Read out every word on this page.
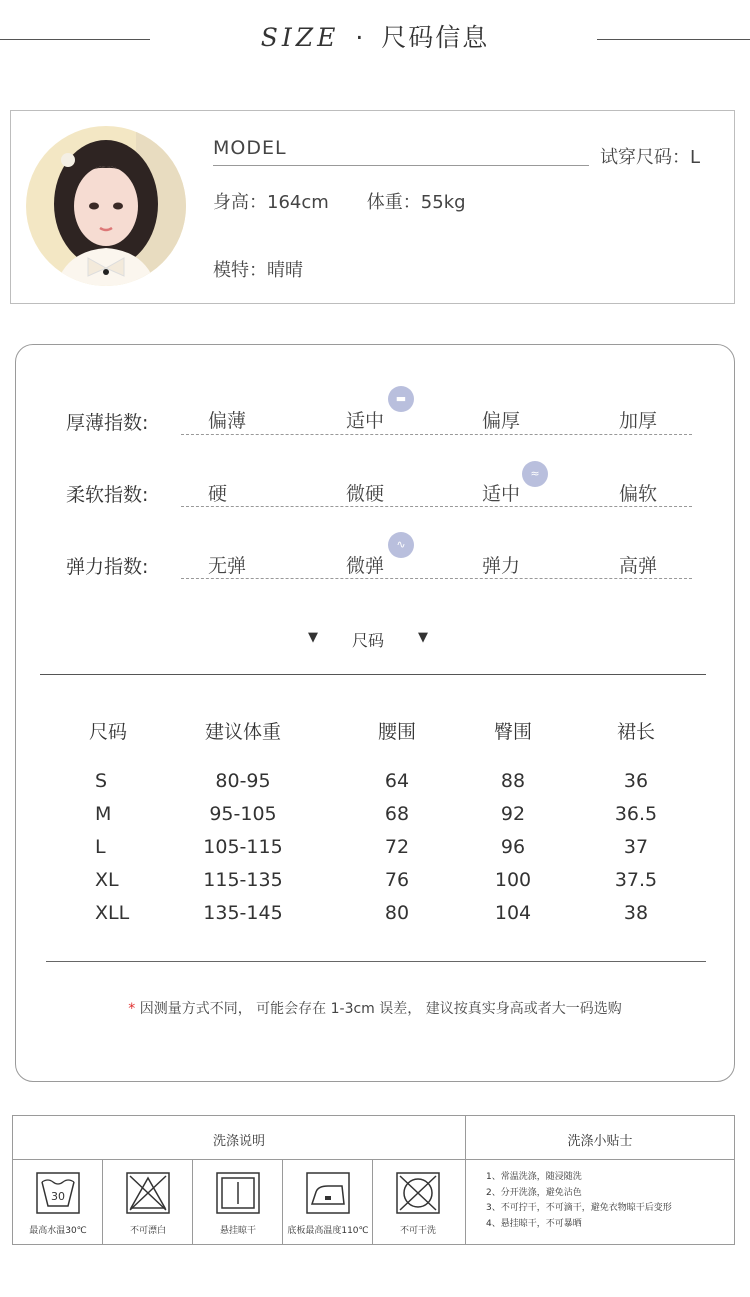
SIZE · 尺码信息
MODEL	试穿尺码：L
身高：164cm 体重：55kg
模特：晴晴
厚薄指数:	偏薄	适中	偏厚	加厚
▬
柔软指数:	硬	微硬	适中	偏软
≈
弹力指数:	无弹	微弹	弹力	高弹
∿
▼ 尺码	▼
尺码	建议体重	腰围	臀围	裙长
S	80-95	64	88	36
M	95-105	68	92	36.5
L	105-115	72	96	37
XL	115-135	76	100	37.5
XLL	135-145	80	104	38
* 因测量方式不同， 可能会存在 1-3cm 误差， 建议按真实身高或者大一码选购
洗涤说明	洗涤小贴士
30
最高水温30℃	不可漂白	悬挂晾干	底板最高温度110℃	不可干洗
1、常温洗涤，随浸随洗
2、分开洗涤，避免沾色
3、不可拧干，不可滴干，避免衣物晾干后变形
4、悬挂晾干，不可暴晒
